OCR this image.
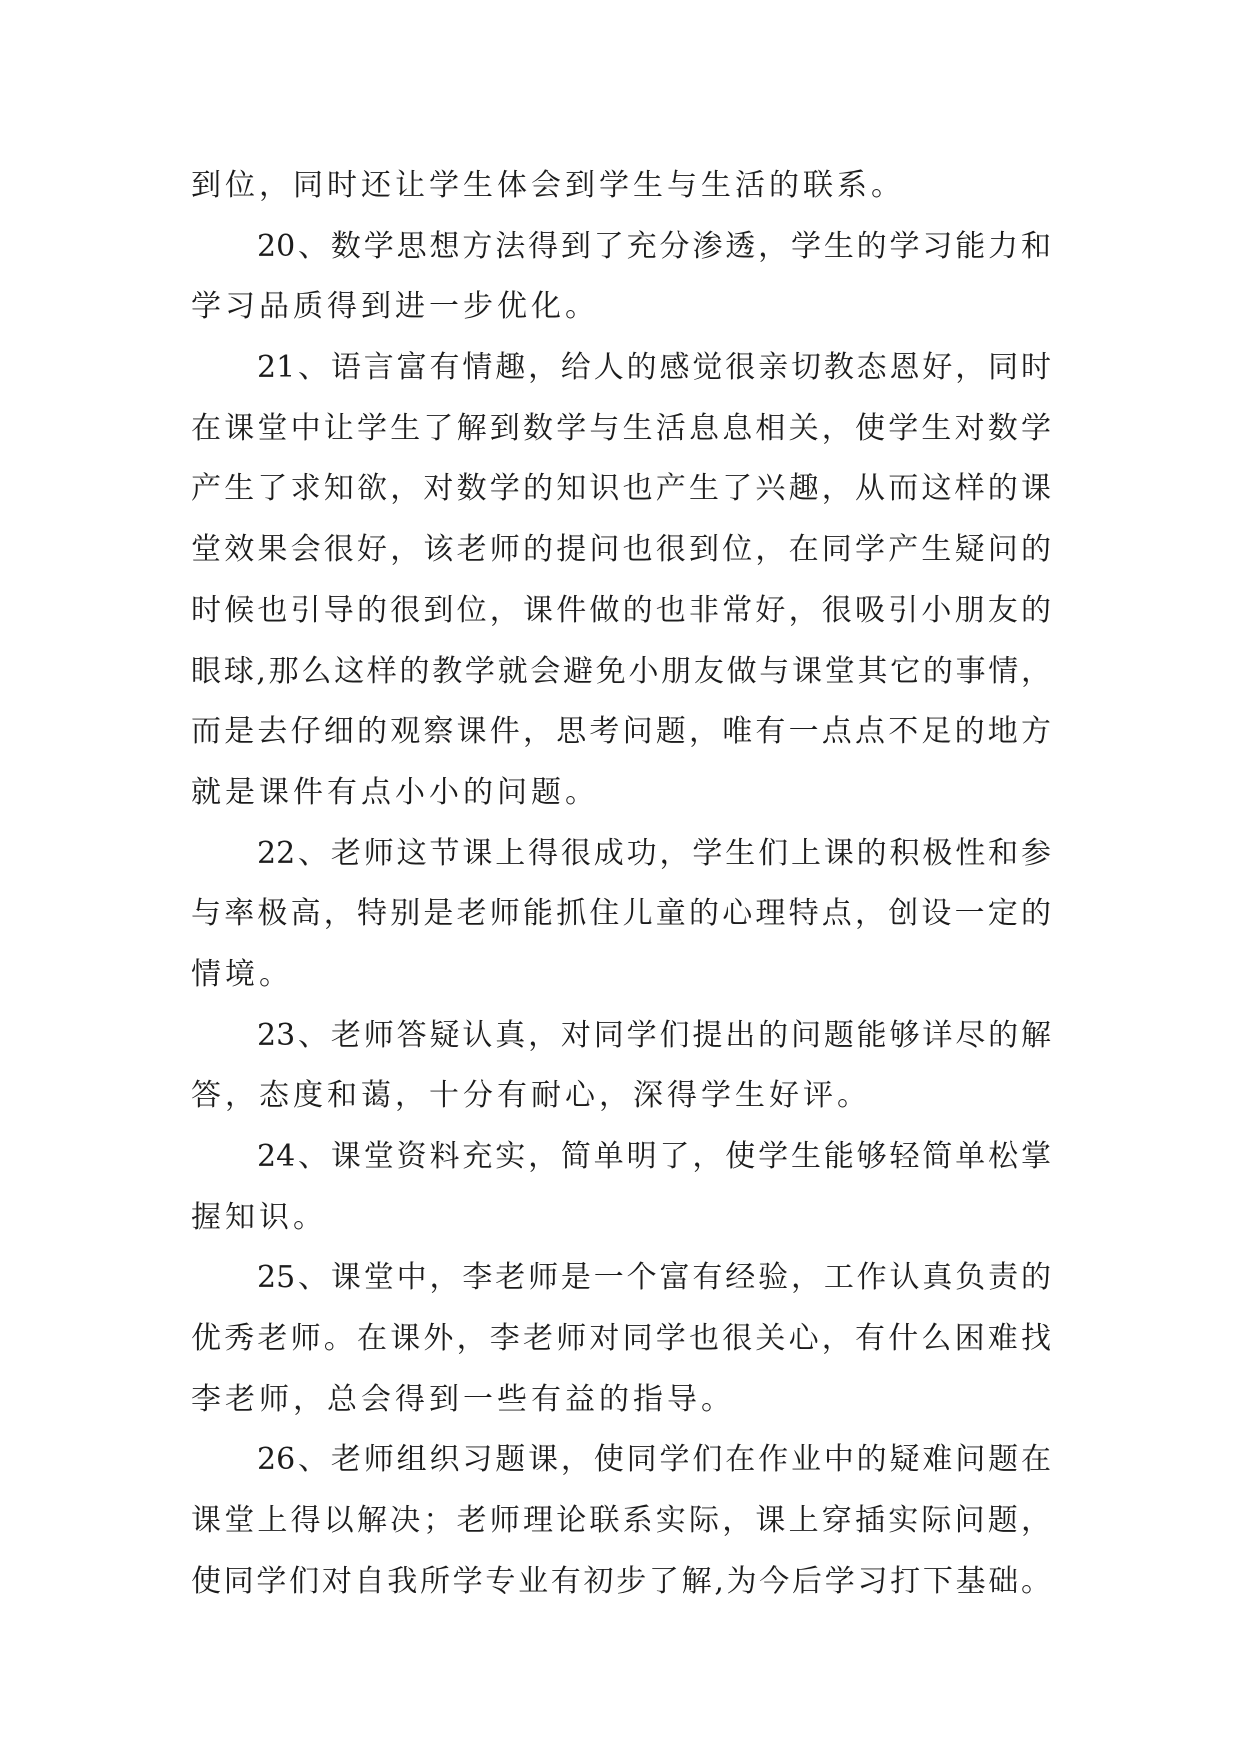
到位，同时还让学生体会到学生与生活的联系。

20、数学思想方法得到了充分渗透，学生的学习能力和
学习品质得到进一步优化。

21、语言富有情趣，给人的感觉很亲切教态恩好，同时
在课堂中让学生了解到数学与生活息息相关，使学生对数学
产生了求知欲，对数学的知识也产生了兴趣，从而这样的课
堂效果会很好，该老师的提问也很到位，在同学产生疑问的
时候也引导的很到位，课件做的也非常好，很吸引小朋友的
眼球,那么这样的教学就会避免小朋友做与课堂其它的事情，
而是去仔细的观察课件，思考问题，唯有一点点不足的地方
就是课件有点小小的问题。

22、老师这节课上得很成功，学生们上课的积极性和参
与率极高，特别是老师能抓住儿童的心理特点，创设一定的
情境。

23、老师答疑认真，对同学们提出的问题能够详尽的解
答，态度和蔼，十分有耐心，深得学生好评。

24、课堂资料充实，简单明了，使学生能够轻简单松掌
握知识。

25、课堂中，李老师是一个富有经验，工作认真负责的
优秀老师。在课外，李老师对同学也很关心，有什么困难找
李老师，总会得到一些有益的指导。

26、老师组织习题课，使同学们在作业中的疑难问题在
课堂上得以解决；老师理论联系实际，课上穿插实际问题，
使同学们对自我所学专业有初步了解,为今后学习打下基础。
